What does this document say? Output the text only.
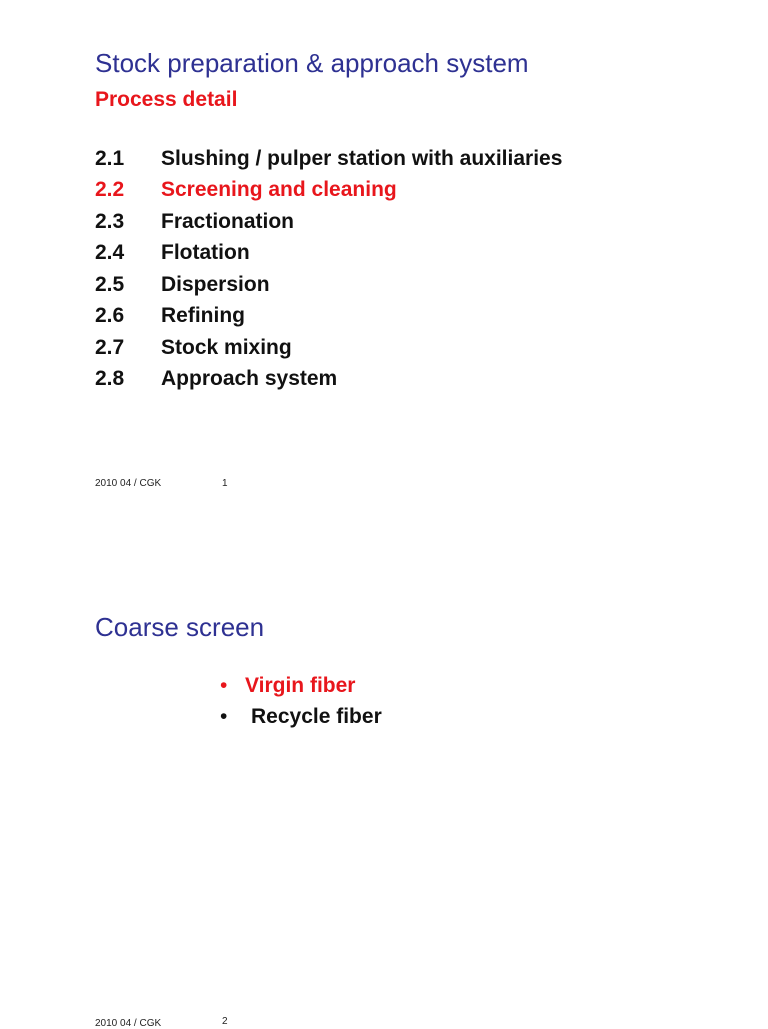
Stock preparation & approach system
Process detail
2.1	Slushing / pulper station with auxiliaries
2.2	Screening and cleaning
2.3	Fractionation
2.4	Flotation
2.5	Dispersion
2.6	Refining
2.7	Stock mixing
2.8	Approach system
2010 04 / CGK	1
Coarse screen
• Virgin fiber
•	Recycle fiber
2010 04 / CGK	2
